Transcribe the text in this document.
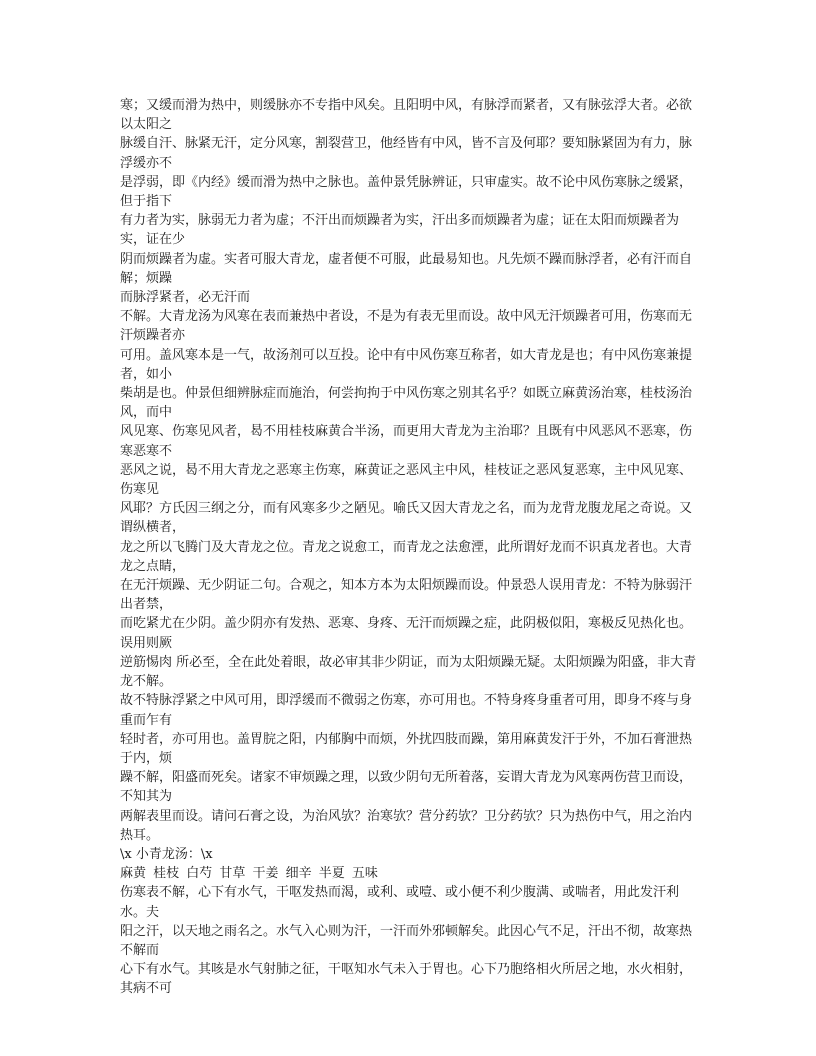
寒；又缓而滑为热中，则缓脉亦不专指中风矣。且阳明中风，有脉浮而紧者，又有脉弦浮大者。必欲以太阳之
脉缓自汗、脉紧无汗，定分风寒，割裂营卫，他经皆有中风，皆不言及何耶？要知脉紧固为有力，脉浮缓亦不
是浮弱，即《内经》缓而滑为热中之脉也。盖仲景凭脉辨证，只审虚实。故不论中风伤寒脉之缓紧，但于指下
有力者为实，脉弱无力者为虚；不汗出而烦躁者为实，汗出多而烦躁者为虚；证在太阳而烦躁者为实，证在少
阴而烦躁者为虚。实者可服大青龙，虚者便不可服，此最易知也。凡先烦不躁而脉浮者，必有汗而自解；烦躁
而脉浮紧者，必无汗而
不解。大青龙汤为风寒在表而兼热中者设，不是为有表无里而设。故中风无汗烦躁者可用，伤寒而无汗烦躁者亦
可用。盖风寒本是一气，故汤剂可以互投。论中有中风伤寒互称者，如大青龙是也；有中风伤寒兼提者，如小
柴胡是也。仲景但细辨脉症而施治，何尝拘拘于中风伤寒之别其名乎？如既立麻黄汤治寒，桂枝汤治风，而中
风见寒、伤寒见风者，曷不用桂枝麻黄合半汤，而更用大青龙为主治耶？且既有中风恶风不恶寒，伤寒恶寒不
恶风之说，曷不用大青龙之恶寒主伤寒，麻黄证之恶风主中风，桂枝证之恶风复恶寒，主中风见寒、伤寒见
风耶？方氏因三纲之分，而有风寒多少之陋见。喻氏又因大青龙之名，而为龙背龙腹龙尾之奇说。又谓纵横者，
龙之所以飞腾门及大青龙之位。青龙之说愈工，而青龙之法愈湮，此所谓好龙而不识真龙者也。大青龙之点睛，
在无汗烦躁、无少阴证二句。合观之，知本方本为太阳烦躁而设。仲景恐人误用青龙：不特为脉弱汗出者禁，
而吃紧尤在少阴。盖少阴亦有发热、恶寒、身疼、无汗而烦躁之症，此阴极似阳，寒极反见热化也。误用则厥
逆筋惕肉 所必至，全在此处着眼，故必审其非少阴证，而为太阳烦躁无疑。太阳烦躁为阳盛，非大青龙不解。
故不特脉浮紧之中风可用，即浮缓而不微弱之伤寒，亦可用也。不特身疼身重者可用，即身不疼与身重而乍有
轻时者，亦可用也。盖胃脘之阳，内郁胸中而烦，外扰四肢而躁，第用麻黄发汗于外，不加石膏泄热于内，烦
躁不解，阳盛而死矣。诸家不审烦躁之理，以致少阴句无所着落，妄谓大青龙为风寒两伤营卫而设，不知其为
两解表里而设。请问石膏之设，为治风欤？治寒欤？营分药欤？卫分药欤？只为热伤中气，用之治内热耳。
\x 小青龙汤：\x
麻黄 桂枝 白芍 甘草 干姜 细辛 半夏 五味
伤寒表不解，心下有水气，干呕发热而渴，或利、或噎、或小便不利少腹满、或喘者，用此发汗利水。夫
阳之汗，以天地之雨名之。水气入心则为汗，一汗而外邪顿解矣。此因心气不足，汗出不彻，故寒热不解而
心下有水气。其咳是水气射肺之征，干呕知水气未入于胃也。心下乃胞络相火所居之地，水火相射，其病不可
